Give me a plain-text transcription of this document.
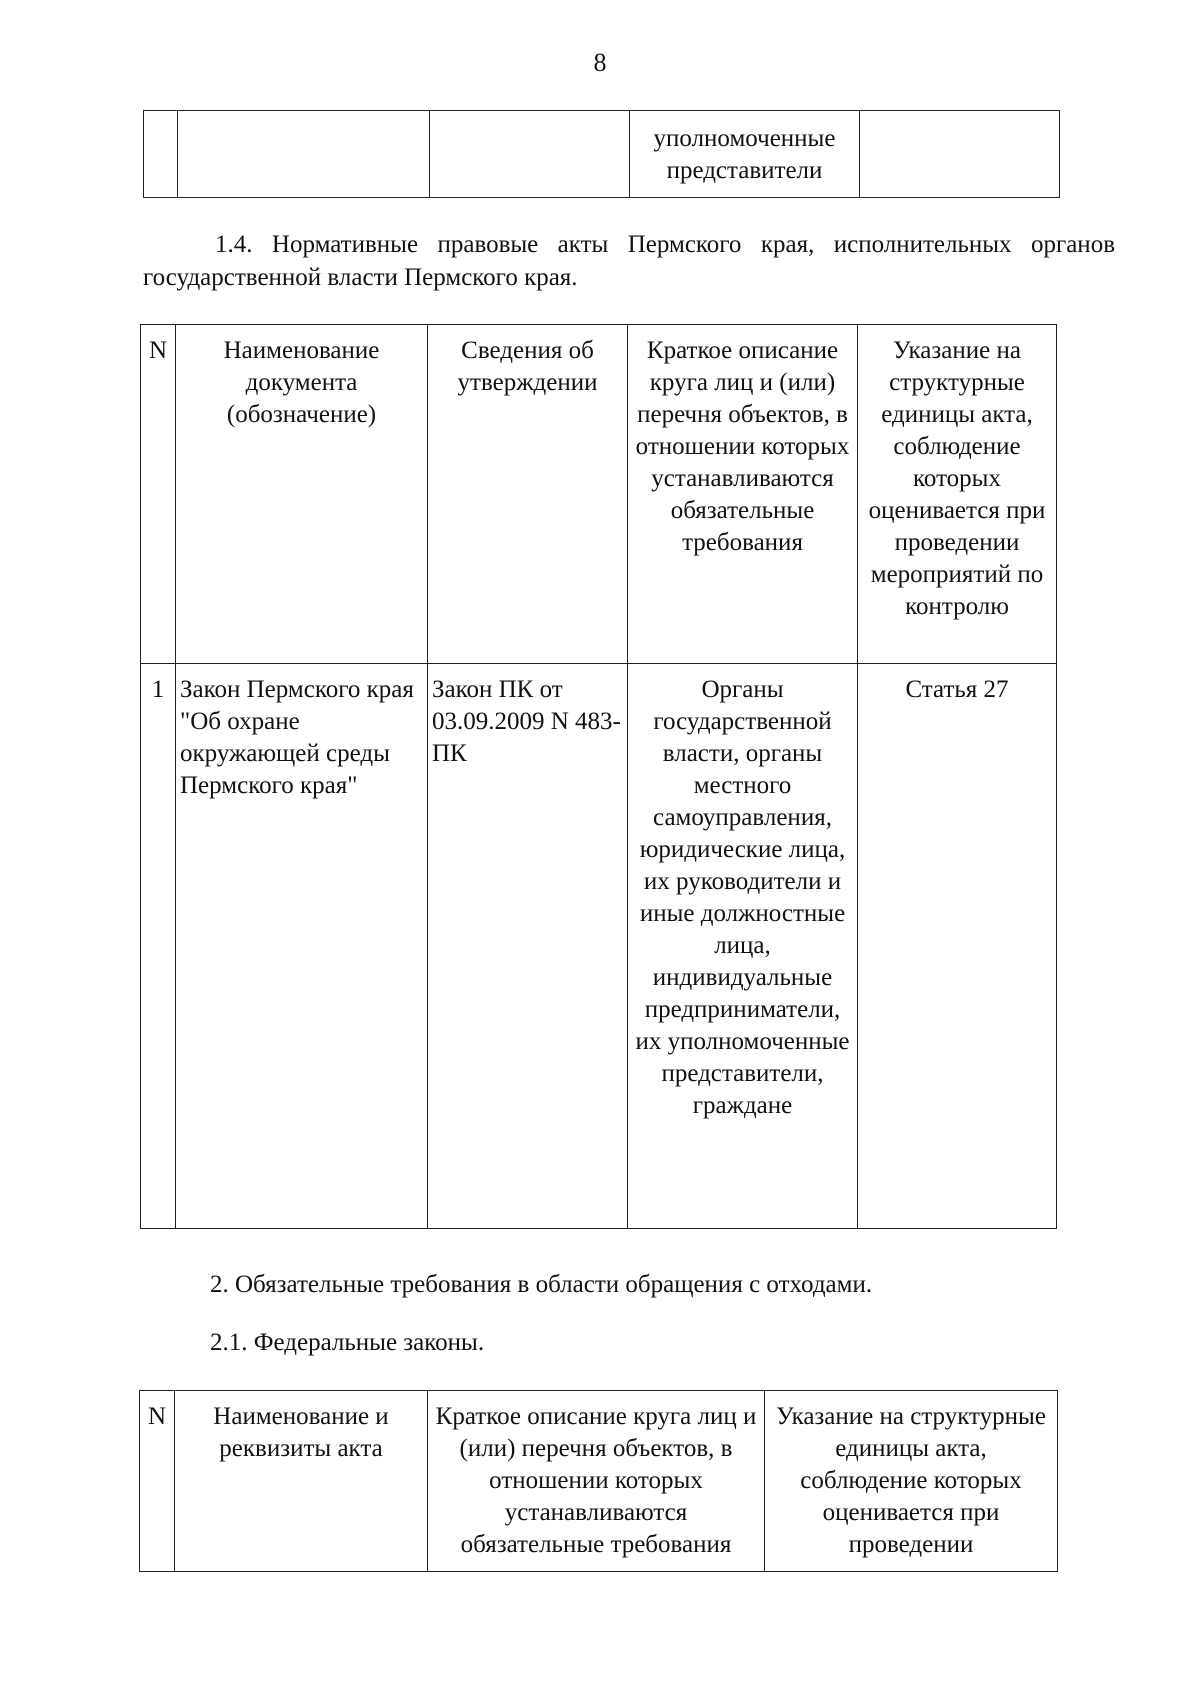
8
			уполномоченные представители	
1.4. Нормативные правовые акты Пермского края, исполнительных органов государственной власти Пермского края.
N	Наименование документа (обозначение)	Сведения об утверждении	Краткое описание круга лиц и (или) перечня объектов, в отношении которых устанавливаются обязательные требования	Указание на структурные единицы акта, соблюдение которых оценивается при проведении мероприятий по контролю
1	Закон Пермского края "Об охране окружающей среды Пермского края"	Закон ПК от 03.09.2009 N 483-ПК	Органы государственной власти, органы местного самоуправления, юридические лица, их руководители и иные должностные лица, индивидуальные предприниматели, их уполномоченные представители, граждане	Статья 27
2. Обязательные требования в области обращения с отходами.
2.1. Федеральные законы.
N	Наименование и реквизиты акта	Краткое описание круга лиц и (или) перечня объектов, в отношении которых устанавливаются обязательные требования	Указание на структурные единицы акта, соблюдение которых оценивается при проведении
